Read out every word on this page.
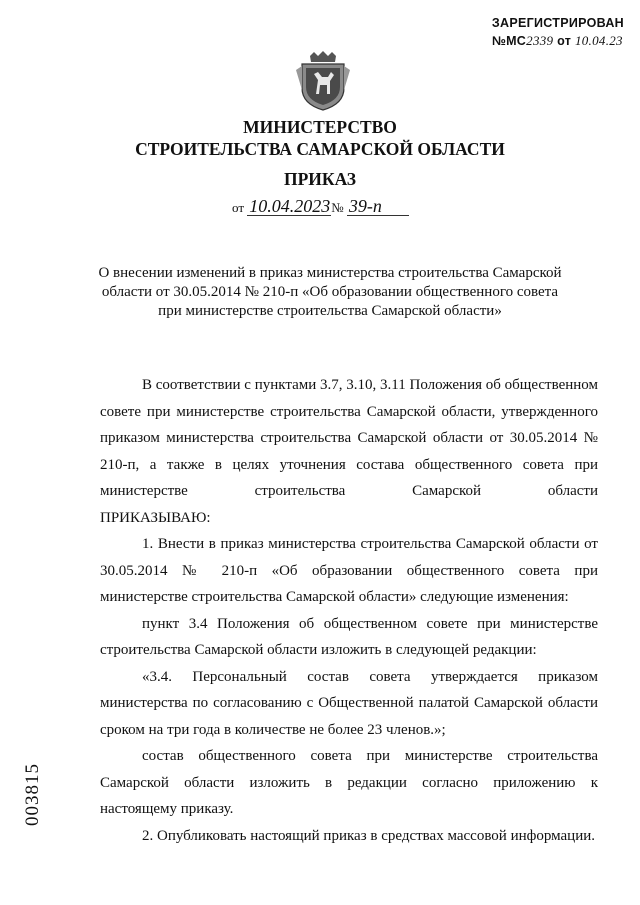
ЗАРЕГИСТРИРОВАН
№МС2339 от 10.04.23
МИНИСТЕРСТВО
СТРОИТЕЛЬСТВА САМАРСКОЙ ОБЛАСТИ
ПРИКАЗ
от 10.04.2023№ 39-п
О внесении изменений в приказ министерства строительства Самарской области от 30.05.2014 № 210-п «Об образовании общественного совета при министерстве строительства Самарской области»

В соответствии с пунктами 3.7, 3.10, 3.11 Положения об общественном совете при министерстве строительства Самарской области, утвержденного приказом министерства строительства Самарской области от 30.05.2014 № 210-п, а также в целях уточнения состава общественного совета при министерстве строительства Самарской области

ПРИКАЗЫВАЮ:

1. Внести в приказ министерства строительства Самарской области от 30.05.2014 № 210-п «Об образовании общественного совета при министерстве строительства Самарской области» следующие изменения:

пункт 3.4 Положения об общественном совете при министерстве строительства Самарской области изложить в следующей редакции:

«3.4. Персональный состав совета утверждается приказом министерства по согласованию с Общественной палатой Самарской области сроком на три года в количестве не более 23 членов.»;

состав общественного совета при министерстве строительства Самарской области изложить в редакции согласно приложению к настоящему приказу.

2. Опубликовать настоящий приказ в средствах массовой информации.

003815
